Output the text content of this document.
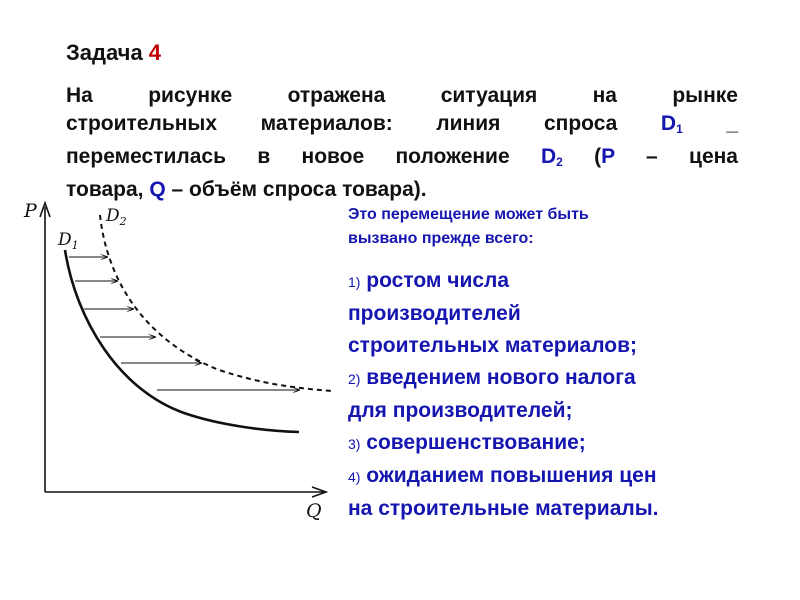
Задача 4
На рисунке отражена ситуация на рынке
строительных материалов: линия спроса $D_1$ _
переместилась в новое положение $D_2$ (P – цена
товара, Q – объём спроса товара).
P
Q
$D_1$
$D_2$	Это перемещение может быть
вызвано прежде всего:
1) ростом числа
производителей
строительных материалов;
2) введением нового налога
для производителей;
3) совершенствование;
4) ожиданием повышения цен
на строительные материалы.
